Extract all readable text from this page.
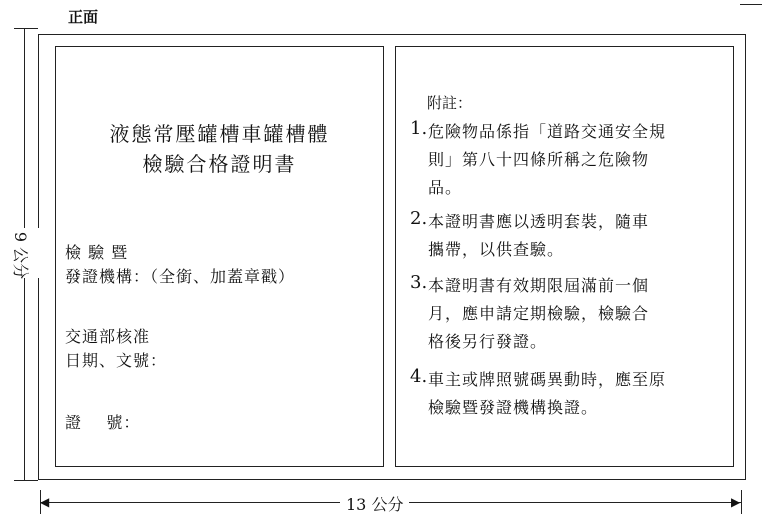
正面
液態常壓罐槽車罐槽體
檢驗合格證明書
檢 驗 暨
發證機構：（全銜、加蓋章戳）
交通部核准
日期、文號：
證    號：
附註：
1. 危險物品係指「道路交通安全規
則」第八十四條所稱之危險物
品。
2. 本證明書應以透明套裝，隨車
攜帶，以供查驗。
3. 本證明書有效期限屆滿前一個
月，應申請定期檢驗，檢驗合
格後另行發證。
4. 車主或牌照號碼異動時，應至原
檢驗暨發證機構換證。
9 公分
◀	▶
13 公分
